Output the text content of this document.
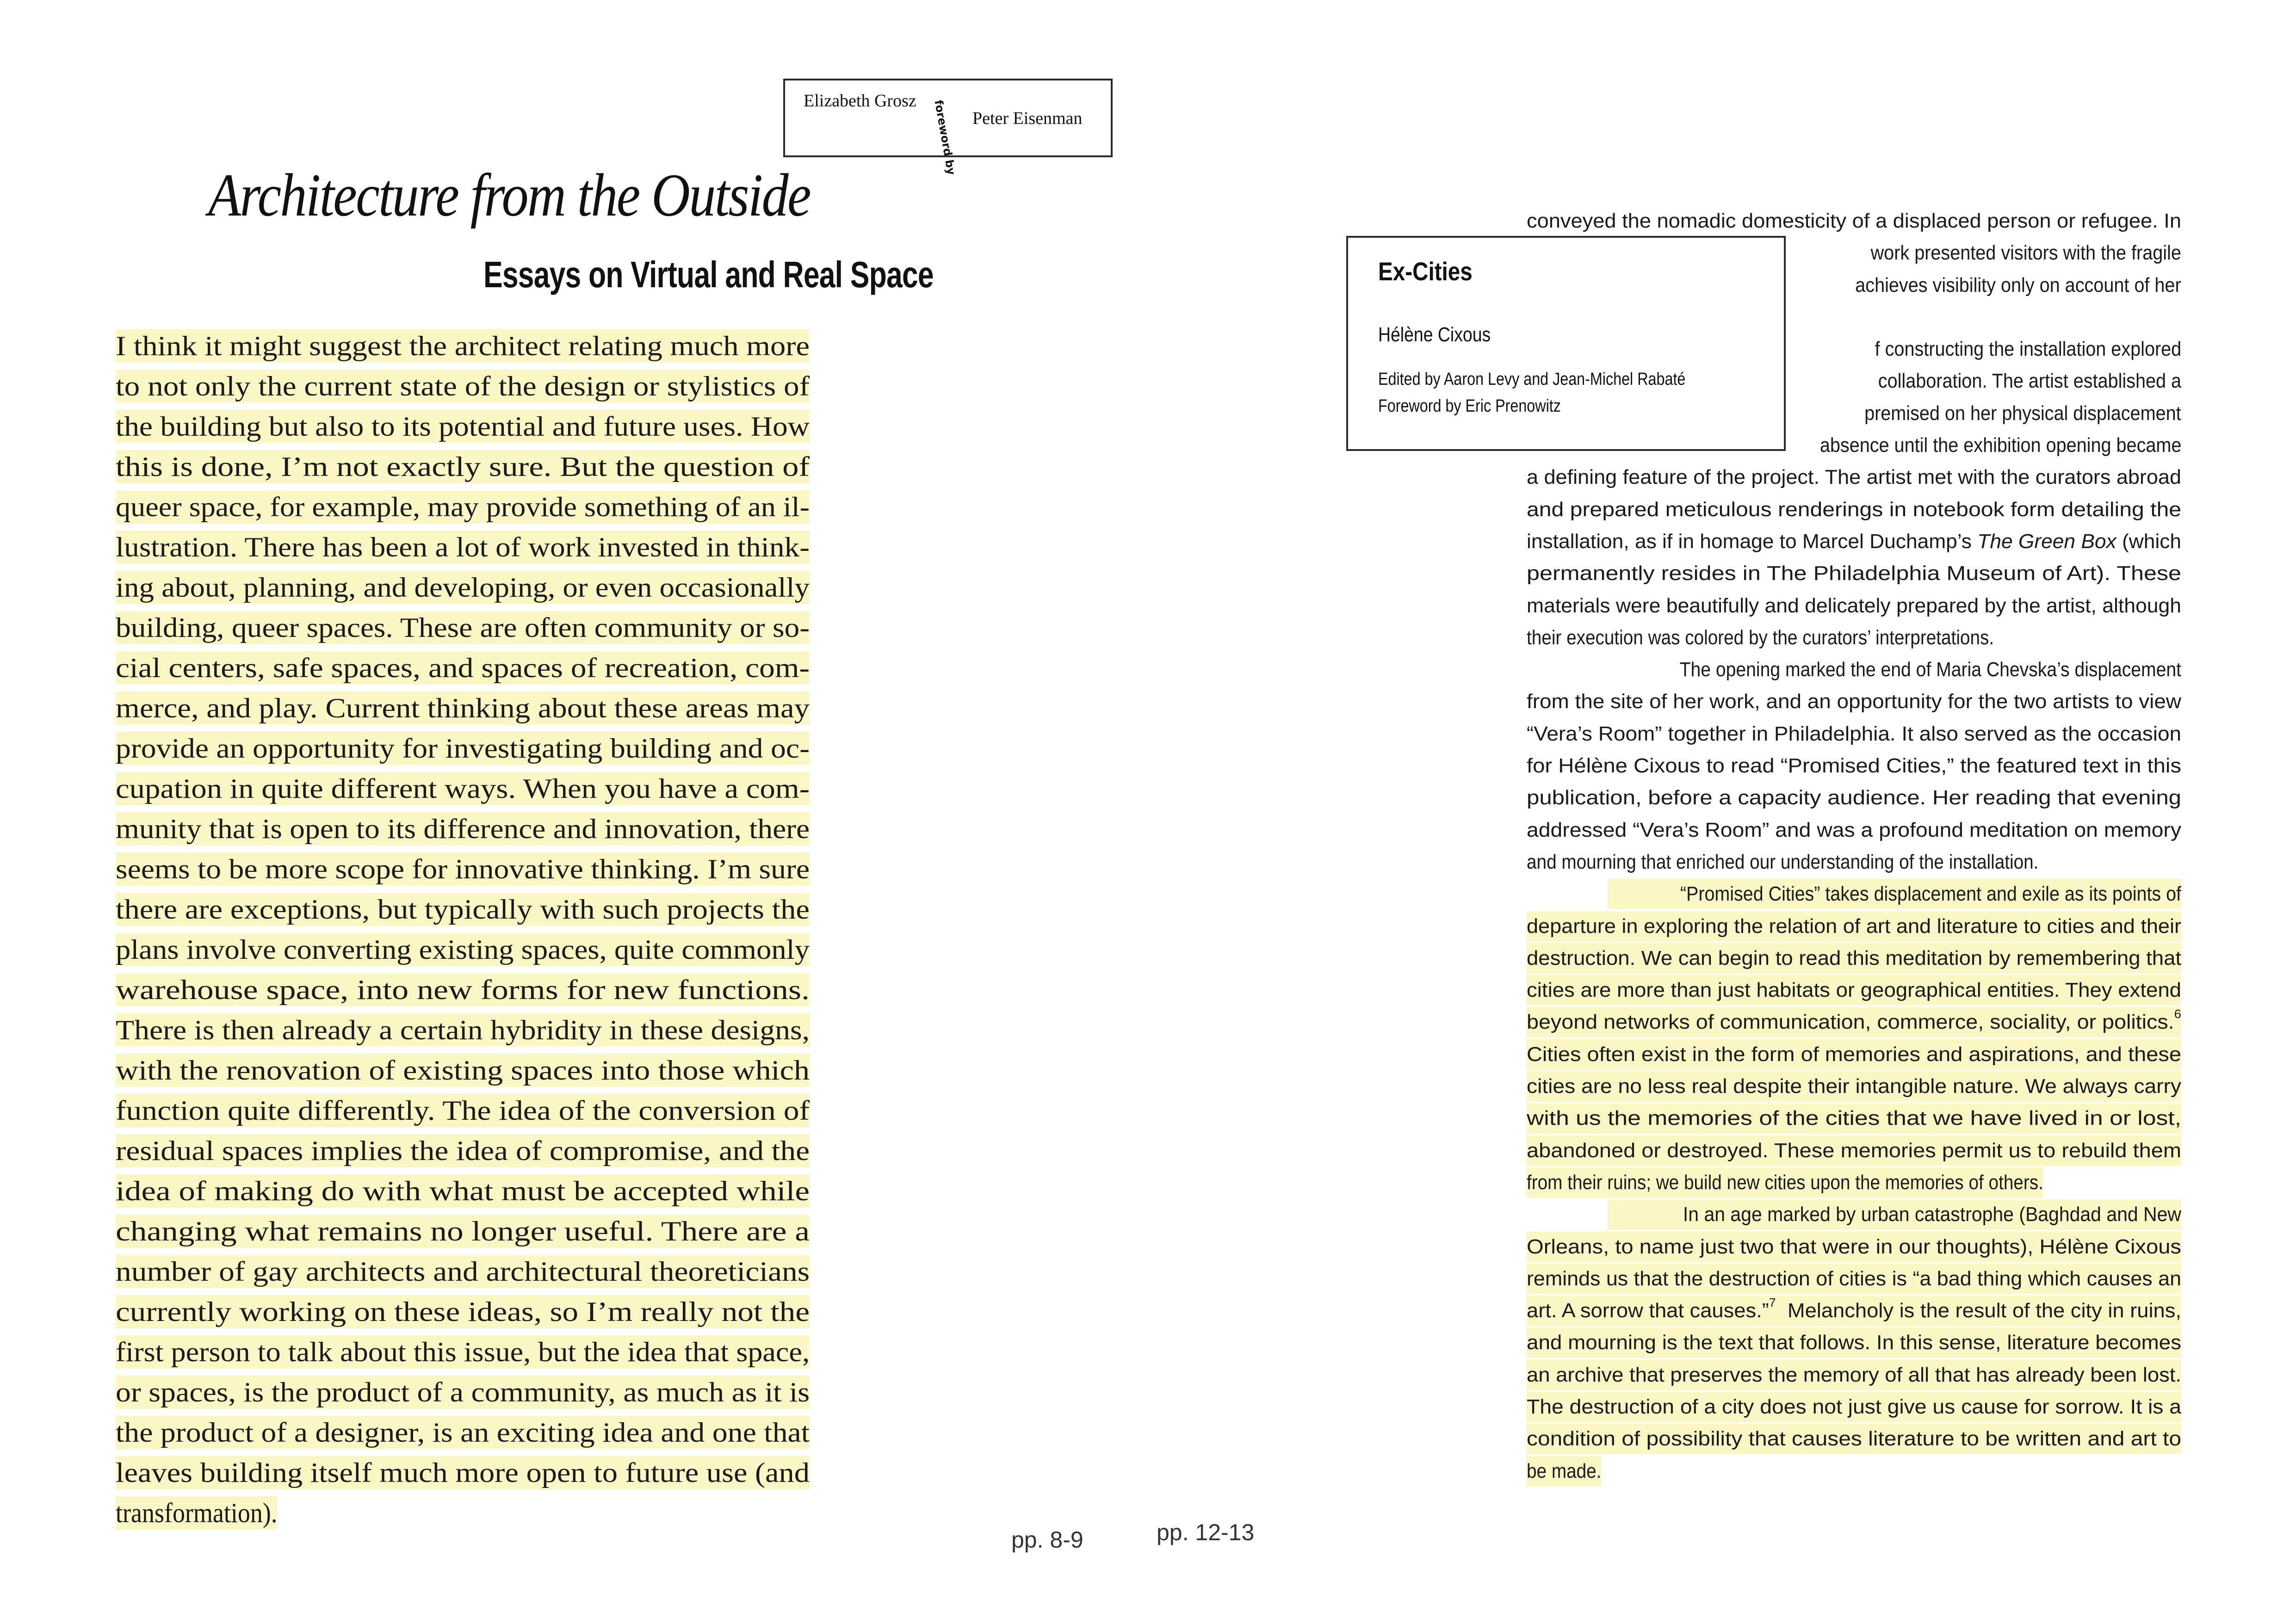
Elizabeth Grosz foreword by Peter Eisenman
Architecture from the Outside
Essays on Virtual and Real Space
I think it might suggest the architect relating much more
to not only the current state of the design or stylistics of
the building but also to its potential and future uses. How
this is done, I’m not exactly sure. But the question of
queer space, for example, may provide something of an il-
lustration. There has been a lot of work invested in think-
ing about, planning, and developing, or even occasionally
building, queer spaces. These are often community or so-
cial centers, safe spaces, and spaces of recreation, com-
merce, and play. Current thinking about these areas may
provide an opportunity for investigating building and oc-
cupation in quite different ways. When you have a com-
munity that is open to its difference and innovation, there
seems to be more scope for innovative thinking. I’m sure
there are exceptions, but typically with such projects the
plans involve converting existing spaces, quite commonly
warehouse space, into new forms for new functions.
There is then already a certain hybridity in these designs,
with the renovation of existing spaces into those which
function quite differently. The idea of the conversion of
residual spaces implies the idea of compromise, and the
idea of making do with what must be accepted while
changing what remains no longer useful. There are a
number of gay architects and architectural theoreticians
currently working on these ideas, so I’m really not the
first person to talk about this issue, but the idea that space,
or spaces, is the product of a community, as much as it is
the product of a designer, is an exciting idea and one that
leaves building itself much more open to future use (and
transformation).
pp. 8-9
conveyed the nomadic domesticity of a displaced person or refugee. In
work presented visitors with the fragile
achieves visibility only on account of her
f constructing the installation explored
collaboration. The artist established a
premised on her physical displacement
absence until the exhibition opening became
a defining feature of the project. The artist met with the curators abroad
and prepared meticulous renderings in notebook form detailing the
installation, as if in homage to Marcel Duchamp’s The Green Box (which
permanently resides in The Philadelphia Museum of Art). These
materials were beautifully and delicately prepared by the artist, although
their execution was colored by the curators’ interpretations.
The opening marked the end of Maria Chevska’s displacement
from the site of her work, and an opportunity for the two artists to view
“Vera’s Room” together in Philadelphia. It also served as the occasion
for Hélène Cixous to read “Promised Cities,” the featured text in this
publication, before a capacity audience. Her reading that evening
addressed “Vera’s Room” and was a profound meditation on memory
and mourning that enriched our understanding of the installation.
“Promised Cities” takes displacement and exile as its points of
departure in exploring the relation of art and literature to cities and their
destruction. We can begin to read this meditation by remembering that
cities are more than just habitats or geographical entities. They extend
beyond networks of communication, commerce, sociality, or politics.$^6$
Cities often exist in the form of memories and aspirations, and these
cities are no less real despite their intangible nature. We always carry
with us the memories of the cities that we have lived in or lost,
abandoned or destroyed. These memories permit us to rebuild them
from their ruins; we build new cities upon the memories of others.
In an age marked by urban catastrophe (Baghdad and New
Orleans, to name just two that were in our thoughts), Hélène Cixous
reminds us that the destruction of cities is “a bad thing which causes an
art. A sorrow that causes.”$^7$  Melancholy is the result of the city in ruins,
and mourning is the text that follows. In this sense, literature becomes
an archive that preserves the memory of all that has already been lost.
The destruction of a city does not just give us cause for sorrow. It is a
condition of possibility that causes literature to be written and art to
be made.
Ex-Cities
Hélène Cixous
Edited by Aaron Levy and Jean-Michel Rabaté
Foreword by Eric Prenowitz
pp. 12-13
